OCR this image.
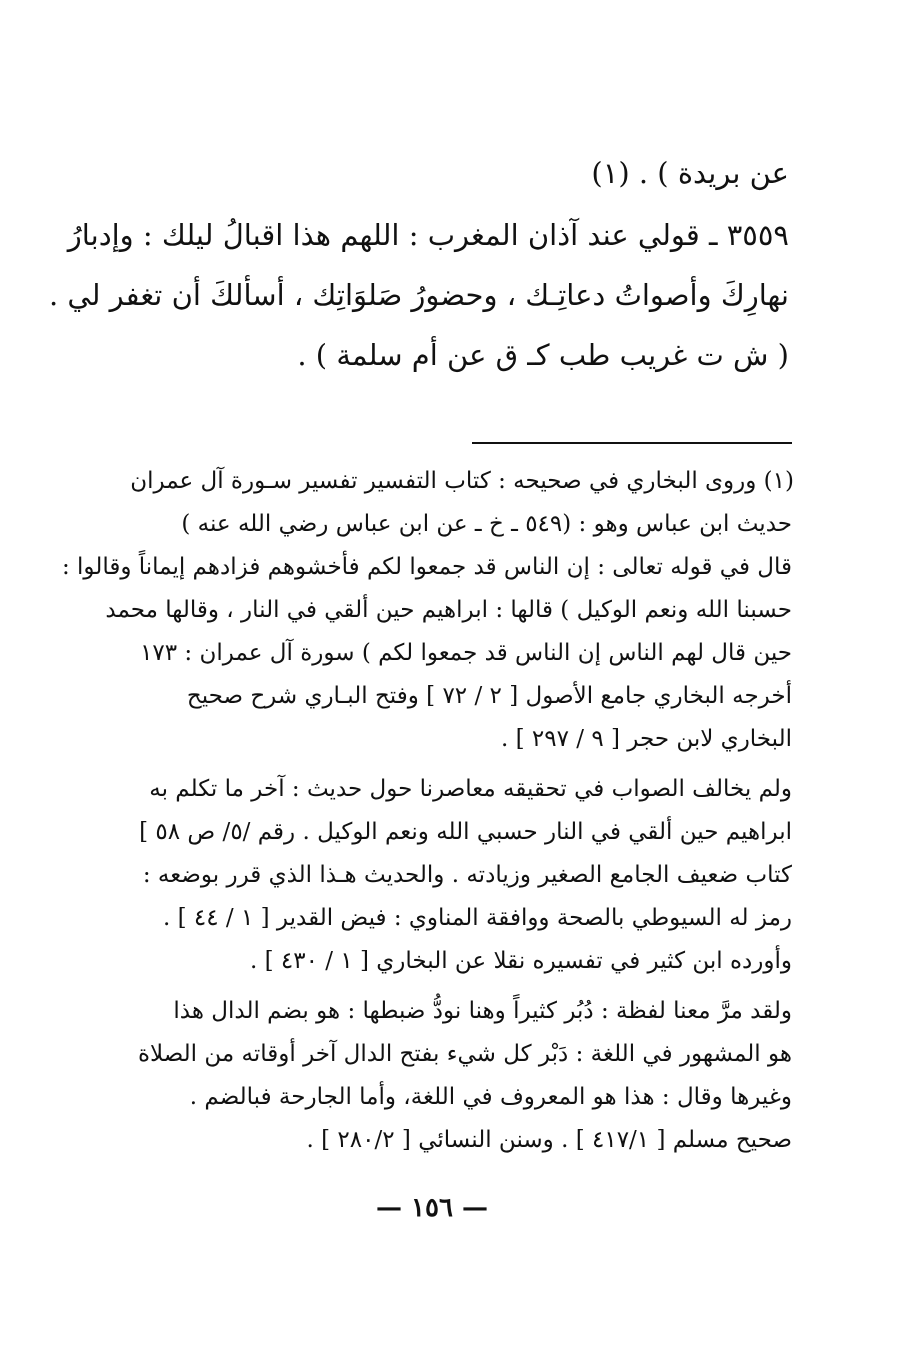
عن بريدة ) . (١)
٣٥٥٩ ـ قولي عند آذان المغرب : اللهم هذا اقبالُ ليلك : وإدبارُ
نهارِكَ وأصواتُ دعاتِـك ، وحضورُ صَلوَاتِك ، أسألكَ أن تغفر لي .
( ش ت غريب طب كـ ق عن أم سلمة ) .
(١) وروى البخاري في صحيحه : كتاب التفسير تفسير سـورة آل عمران
حديث ابن عباس وهو : (٥٤٩ ـ خ ـ عن ابن عباس رضي الله عنه )
قال في قوله تعالى : إن الناس قد جمعوا لكم فأخشوهم فزادهم إيماناً وقالوا :
حسبنا الله ونعم الوكيل ) قالها : ابراهيم حين ألقي في النار ، وقالها محمد
حين قال لهم الناس إن الناس قد جمعوا لكم ) سورة آل عمران : ١٧٣
أخرجه البخاري جامع الأصول [ ٢ / ٧٢ ] وفتح البـاري شرح صحيح
البخاري لابن حجر [ ٩ / ٢٩٧ ] .
ولم يخالف الصواب في تحقيقه معاصرنا حول حديث : آخر ما تكلم به
ابراهيم حين ألقي في النار حسبي الله ونعم الوكيل . رقم /٥/ ص ٥٨ ]
كتاب ضعيف الجامع الصغير وزيادته . والحديث هـذا الذي قرر بوضعه :
رمز له السيوطي بالصحة ووافقة المناوي : فيض القدير [ ١ / ٤٤ ] .
وأورده ابن كثير في تفسيره نقلا عن البخاري [ ١ / ٤٣٠ ] .
ولقد مرَّ معنا لفظة : دُبُر كثيراً وهنا نودُّ ضبطها : هو بضم الدال هذا
هو المشهور في اللغة : دَبْر كل شيء بفتح الدال آخر أوقاته من الصلاة
وغيرها وقال : هذا هو المعروف في اللغة، وأما الجارحة فبالضم .
صحيح مسلم [ ٤١٧/١ ] . وسنن النسائي [ ٢٨٠/٢ ] .
— ١٥٦ —
